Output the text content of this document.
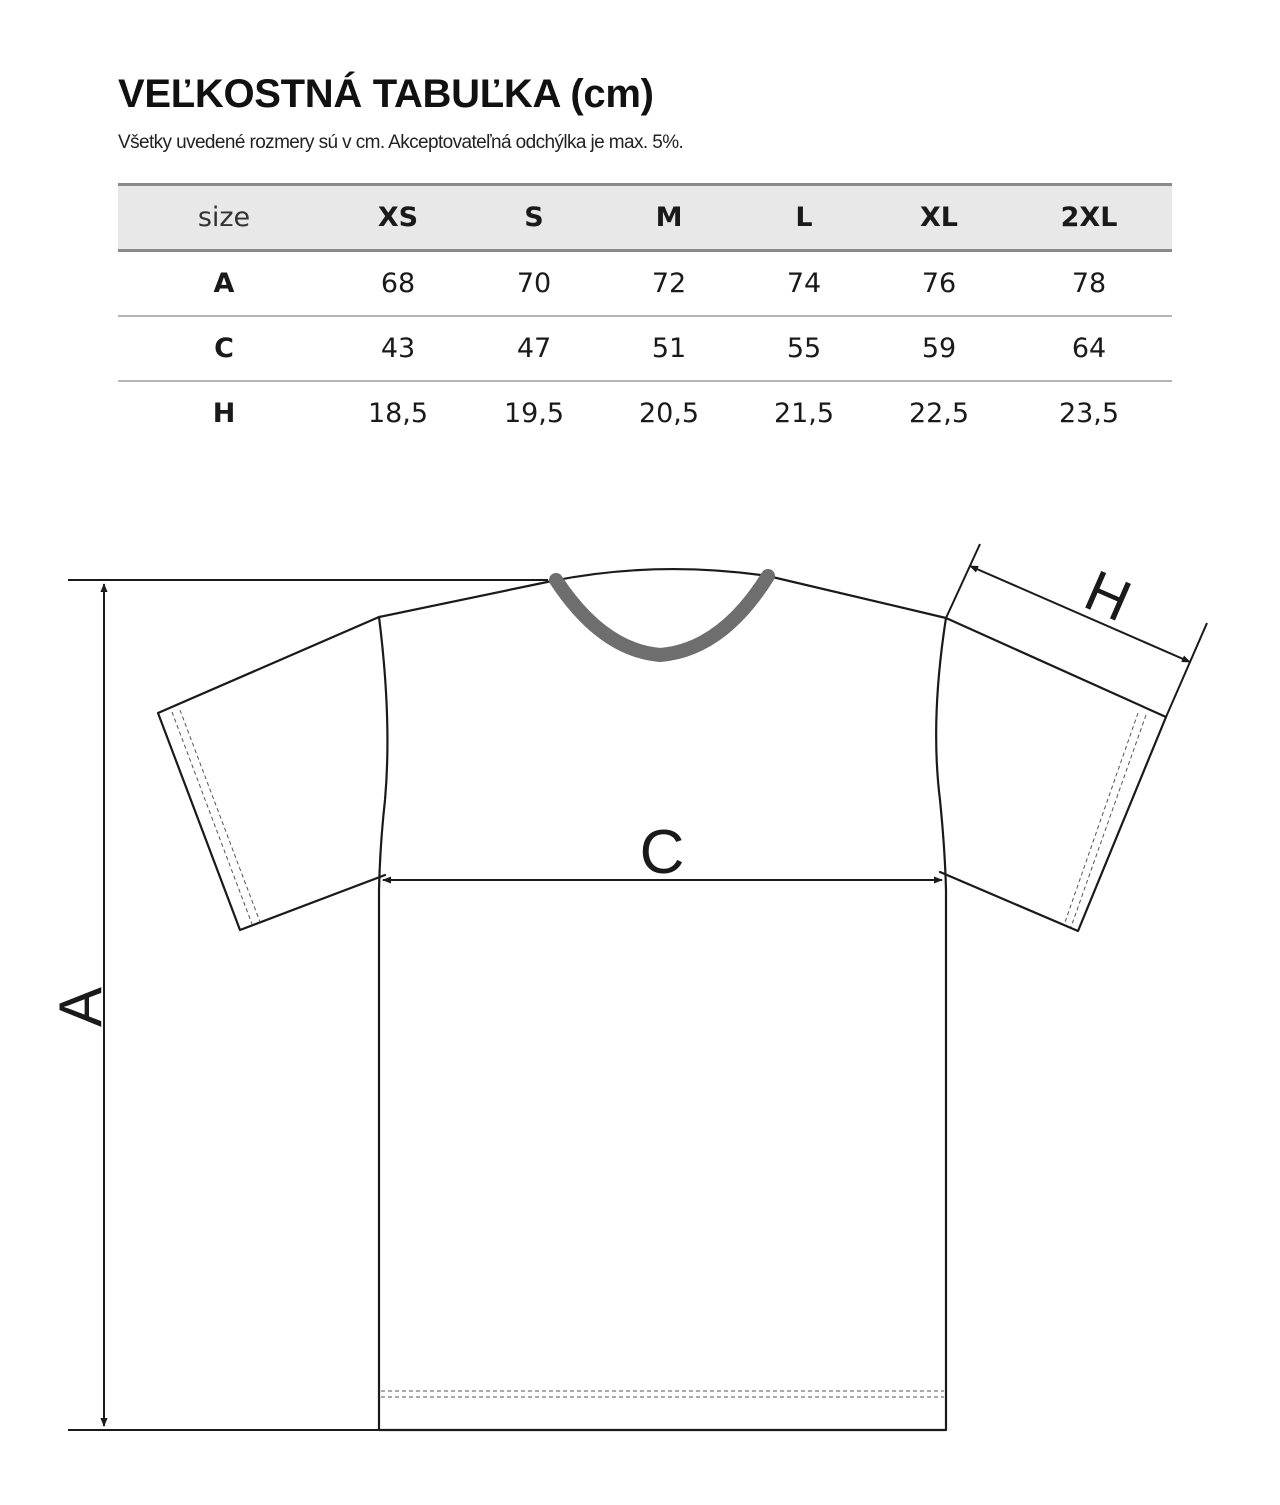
VEĽKOSTNÁ TABUĽKA (cm)

Všetky uvedené rozmery sú v cm. Akceptovateľná odchýlka je max. 5%.

size	XS	S	M	L	XL	2XL
A	68	70	72	74	76	78
C	43	47	51	55	59	64
H	18,5	19,5	20,5	21,5	22,5	23,5
A
C
H
